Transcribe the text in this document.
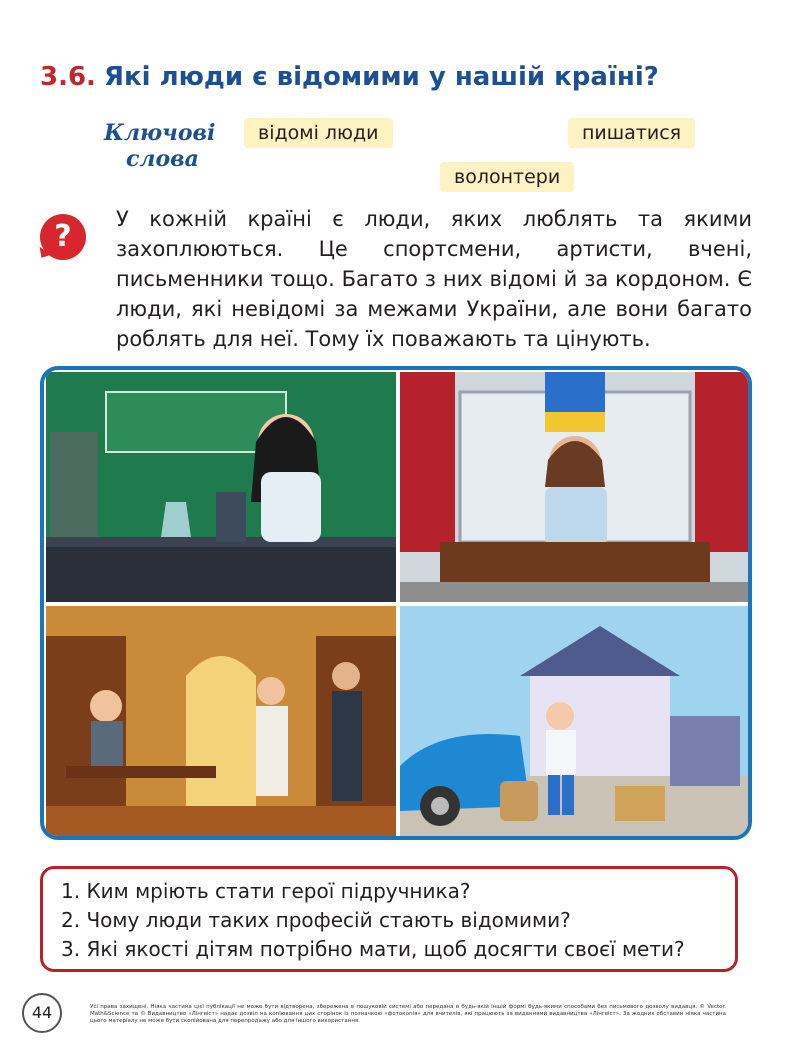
3.6. Які люди є відомими у нашій країні?
Ключові
слова
відомі люди	пишатися
волонтери
?	У кожній країні є люди, яких люблять та якими захоплюються. Це спортсмени, артисти, вчені, письменники тощо. Багато з них відомі й за кордоном. Є люди, які невідомі за межами України, але вони багато роблять для неї. Тому їх поважають та цінують.

1. Ким мріють стати герої підручника?
2. Чому люди таких професій стають відомими?
3. Які якості дітям потрібно мати, щоб досягти своєї мети?
44	Усі права захищені. Ніяка частина цієї публікації не може бути відтворена, збережена в пошуковій системі або передана в будь-якій іншій формі будь-якими способами без письмового дозволу видавця. © Vector. Math&Science та © Видавництво «Лінгвіст» надає дозвіл на копіювання цих сторінок із позначкою «фотокопія» для вчителів, які працюють за виданнями видавництва «Лінгвіст». За жодних обставин ніяка частина цього матеріалу не може бути скопійована для перепродажу або для іншого використання.
